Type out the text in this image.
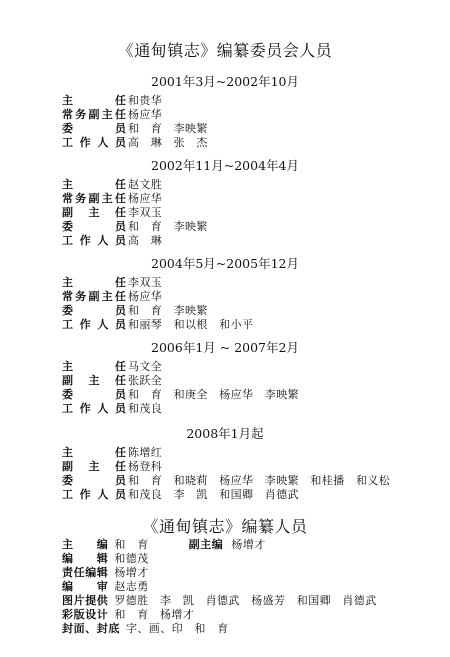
《通甸镇志》编纂委员会人员
2001年3月~2002年10月
主　　任 和贵华
常务副主任 杨应华
委　　员 和　育　李映繁
工作人员 高　琳　张　杰
2002年11月~2004年4月
主　　任 赵文胜
常务副主任 杨应华
副　主　任 李双玉
委　　员 和　育　李映繁
工作人员 高　琳
2004年5月~2005年12月
主　　任 李双玉
常务副主任 杨应华
委　　员 和　育　李映繁
工作人员 和丽琴　和以根　和小平
2006年1月 ~ 2007年2月
主　　任 马文全
副　主　任 张跃全
委　　员 和　育　和庚全　杨应华　李映繁
工作人员 和茂良
2008年1月起
主　　任 陈增红
副　主　任 杨登科
委　　员 和　育　和晓莉　杨应华　李映繁　和桂播　和义松
工作人员 和茂良　李　凯　和国卿　肖德武
《通甸镇志》编纂人员
主　　编 和　育	副主编 杨增才
编　　辑 和德茂
责任编辑 杨增才
编　　审 赵志勇
图片提供 罗德胜　李　凯　肖德武　杨盛芳　和国卿　肖德武
彩版设计 和　育　杨增才
封面、封底 字、画、印　和　育
